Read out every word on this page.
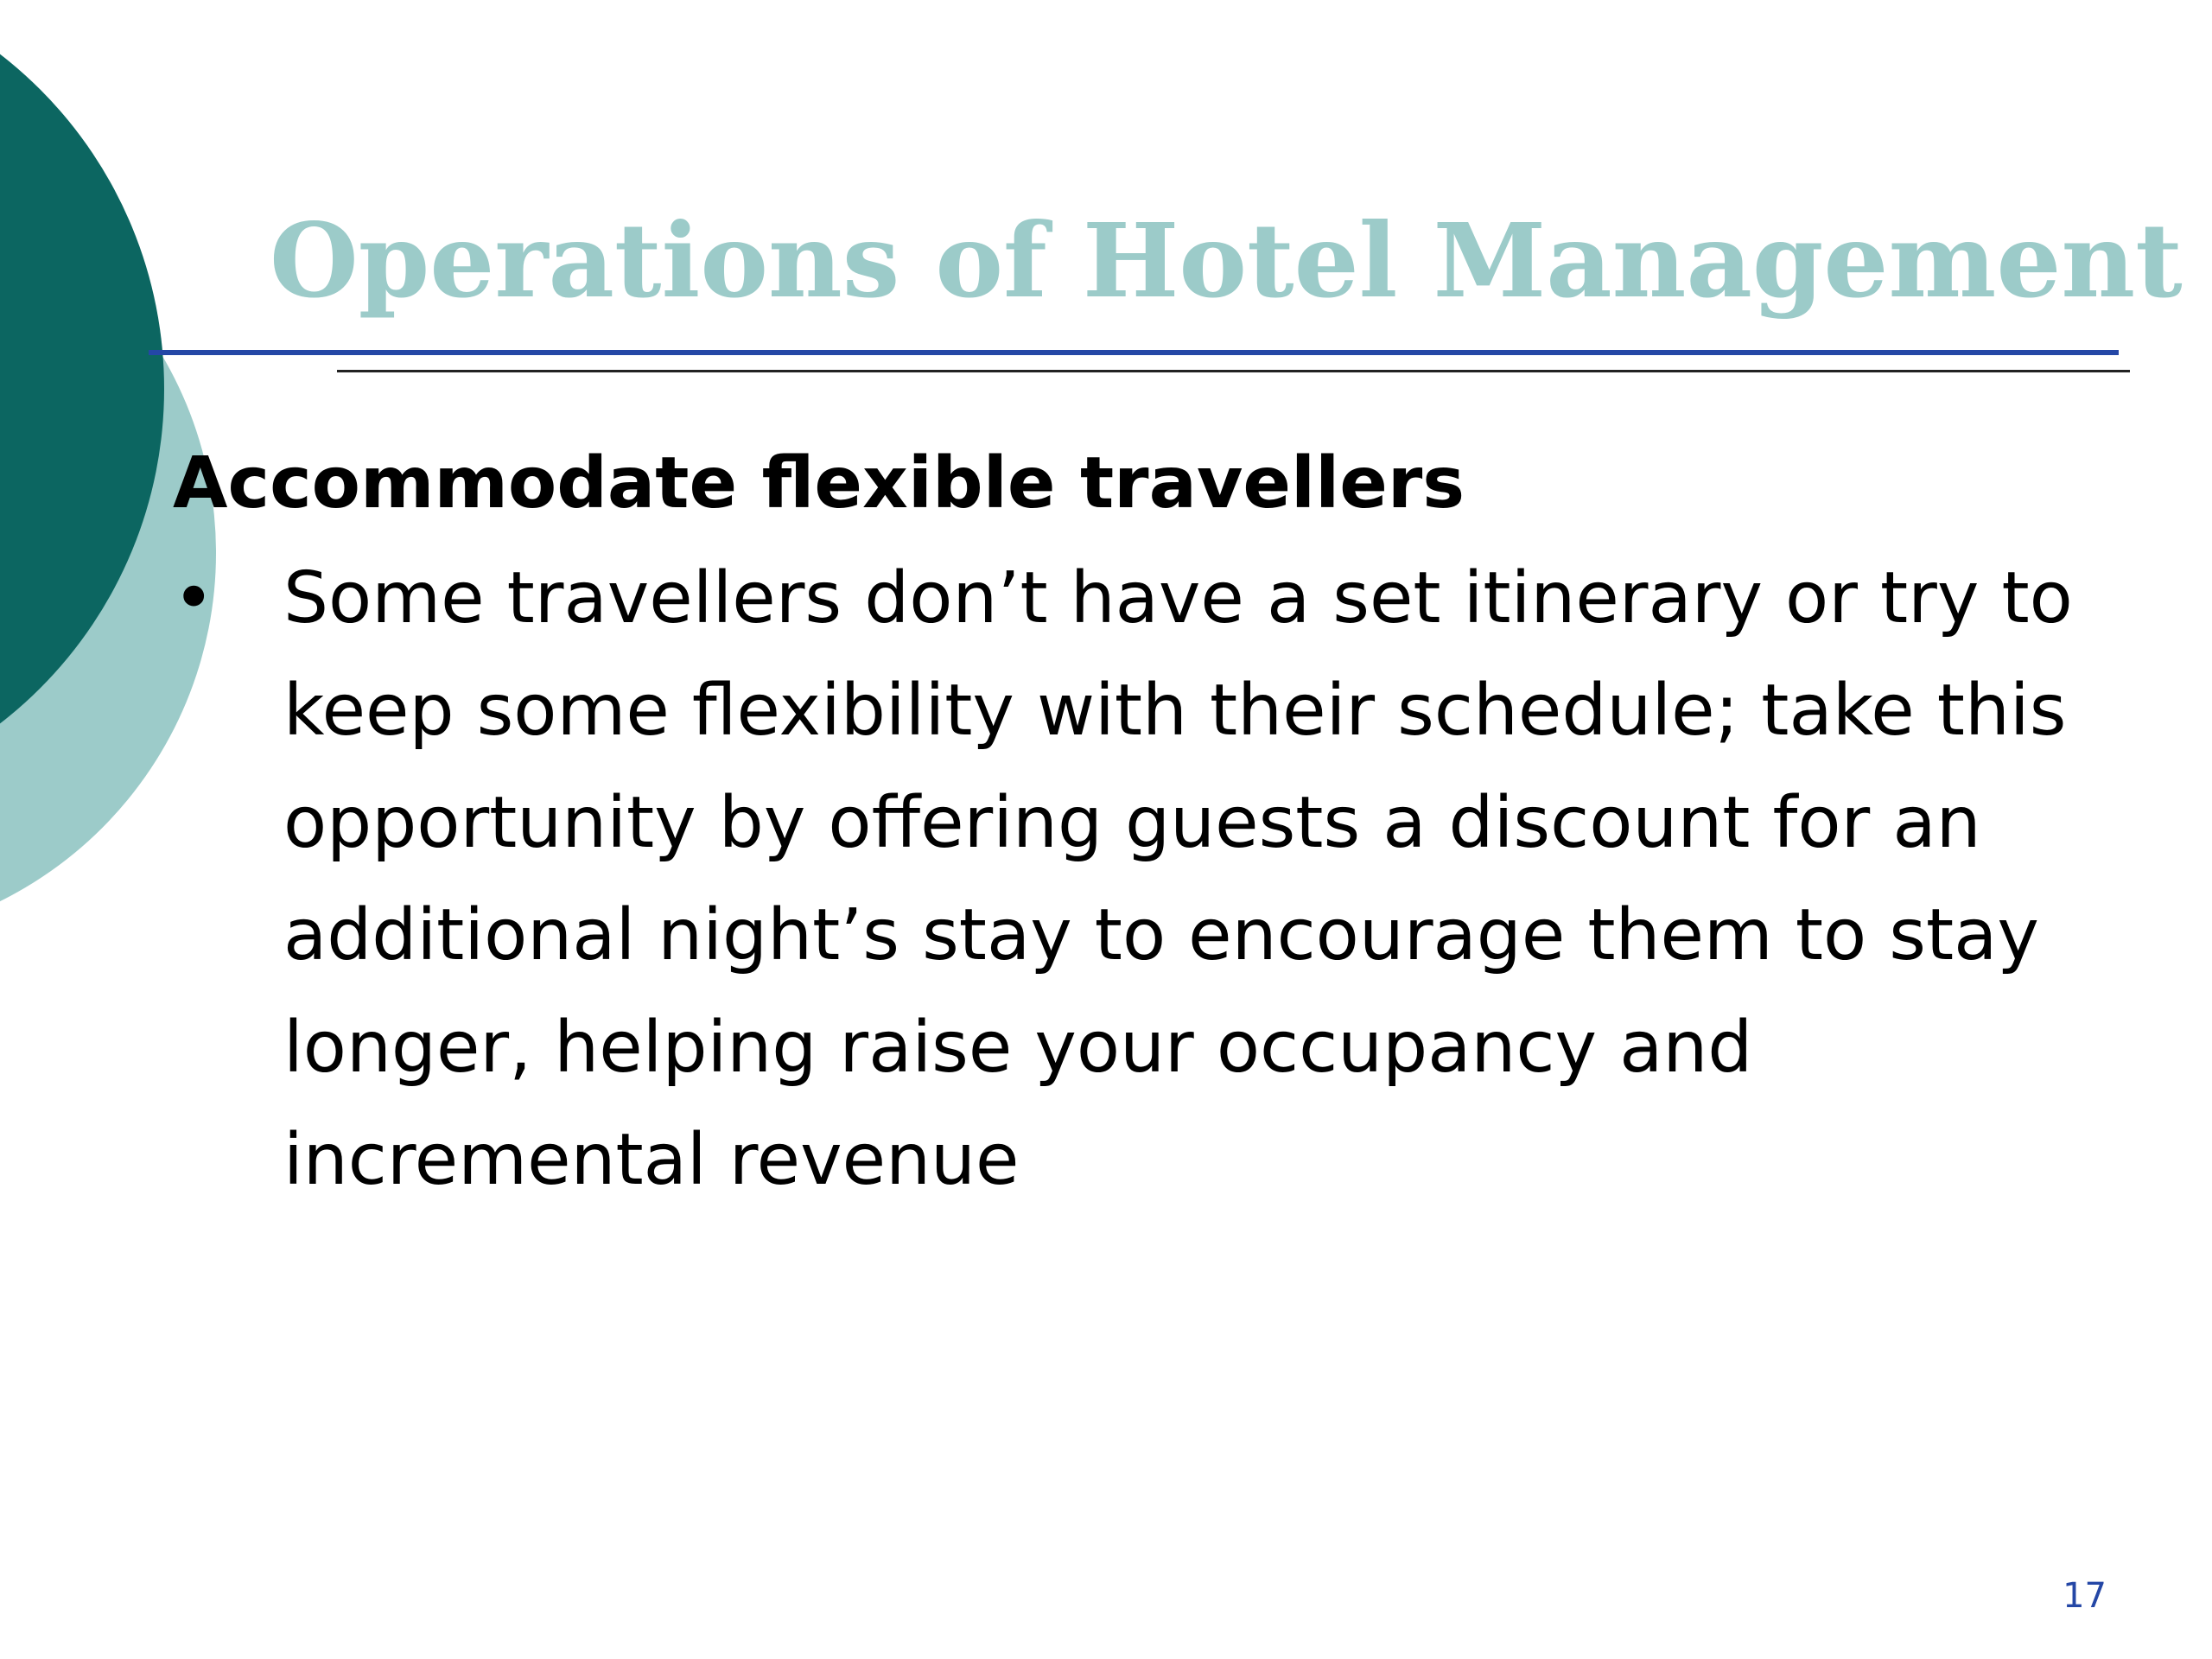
Operations of Hotel Management
Accommodate flexible travellers
• Some travellers don’t have a set itinerary or try to keep some flexibility with their schedule; take this opportunity by offering guests a discount for an additional night’s stay to encourage them to stay longer, helping raise your occupancy and incremental revenue
17
